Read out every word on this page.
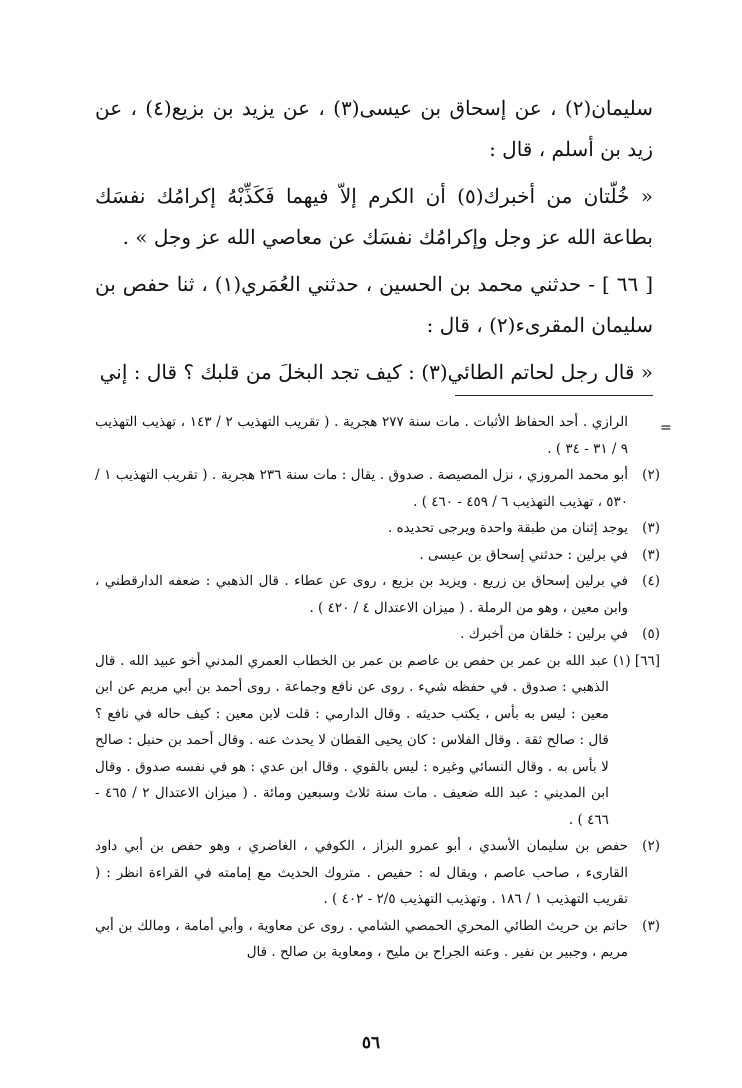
سليمان(٢) ، عن إسحاق بن عيسى(٣) ، عن يزيد بن بزيع(٤) ، عن زيد بن أسلم ، قال :

« خُلّتان من أخبرك(٥) أن الكرم إلاّ فيهما فَكَذِّبْهُ إكرامُك نفسَك بطاعة الله عز وجل وإكرامُك نفسَك عن معاصي الله عز وجل » .

[ ٦٦ ] - حدثني محمد بن الحسين ، حدثني العُمَري(١) ، ثنا حفص بن سليمان المقرىء(٢) ، قال :

« قال رجل لحاتم الطائي(٣) : كيف تجد البخلَ من قلبك ؟ قال : إني

=
الرازي . أحد الحفاظ الأثبات . مات سنة ٢٧٧ هجرية . ( تقريب التهذيب ٢ / ١٤٣ ، تهذيب التهذيب ٩ / ٣١ - ٣٤ ) .
(٢)
أبو محمد المروزي ، نزل المصيصة . صدوق . يقال : مات سنة ٢٣٦ هجرية . ( تقريب التهذيب ١ / ٥٣٠ ، تهذيب التهذيب ٦ / ٤٥٩ - ٤٦٠ ) .
(٣)
يوجد إثنان من طبقة واحدة ويرجى تحديده .
(٣)
في برلين : حدثني إسحاق بن عيسى .
(٤)
في برلين إسحاق بن زريع . ويزيد بن بزيع ، روى عن عطاء . قال الذهبي : ضعفه الدارقطني ، وابن معين ، وهو من الرملة . ( ميزان الاعتدال ٤ / ٤٢٠ ) .
(٥)
في برلين : خلقان من أخبرك .
[٦٦] (١)
عبد الله بن عمر بن حفص بن عاصم بن عمر بن الخطاب العمري المدني أخو عبيد الله . قال الذهبي : صدوق . في حفظه شيء . روى عن نافع وجماعة . روى أحمد بن أبي مريم عن ابن معين : ليس به بأس ، يكتب حديثه . وقال الدارمي : قلت لابن معين : كيف حاله في نافع ؟ قال : صالح ثقة . وقال الفلاس : كان يحيى القطان لا يحدث عنه . وقال أحمد بن حنبل : صالح لا بأس به . وقال النسائي وغيره : ليس بالقوي . وقال ابن عدي : هو في نفسه صدوق . وقال ابن المديني : عبد الله ضعيف . مات سنة ثلاث وسبعين ومائة . ( ميزان الاعتدال ٢ / ٤٦٥ - ٤٦٦ ) .
(٢)
حفص بن سليمان الأسدي ، أبو عمرو البزاز ، الكوفي ، الغاضري ، وهو حفص بن أبي داود القارىء ، صاحب عاصم ، ويقال له : حفيص . متروك الحديث مع إمامته في القراءة انظر : ( تقريب التهذيب ١ / ١٨٦ . وتهذيب التهذيب ٢/٥ - ٤٠٢ ) .
(٣)
حاتم بن حريث الطائي المحري الحمصي الشامي . روى عن معاوية ، وأبي أمامة ، ومالك بن أبي مريم ، وجبير بن نفير . وعنه الجراح بن مليح ، ومعاوية بن صالح . قال
٥٦
